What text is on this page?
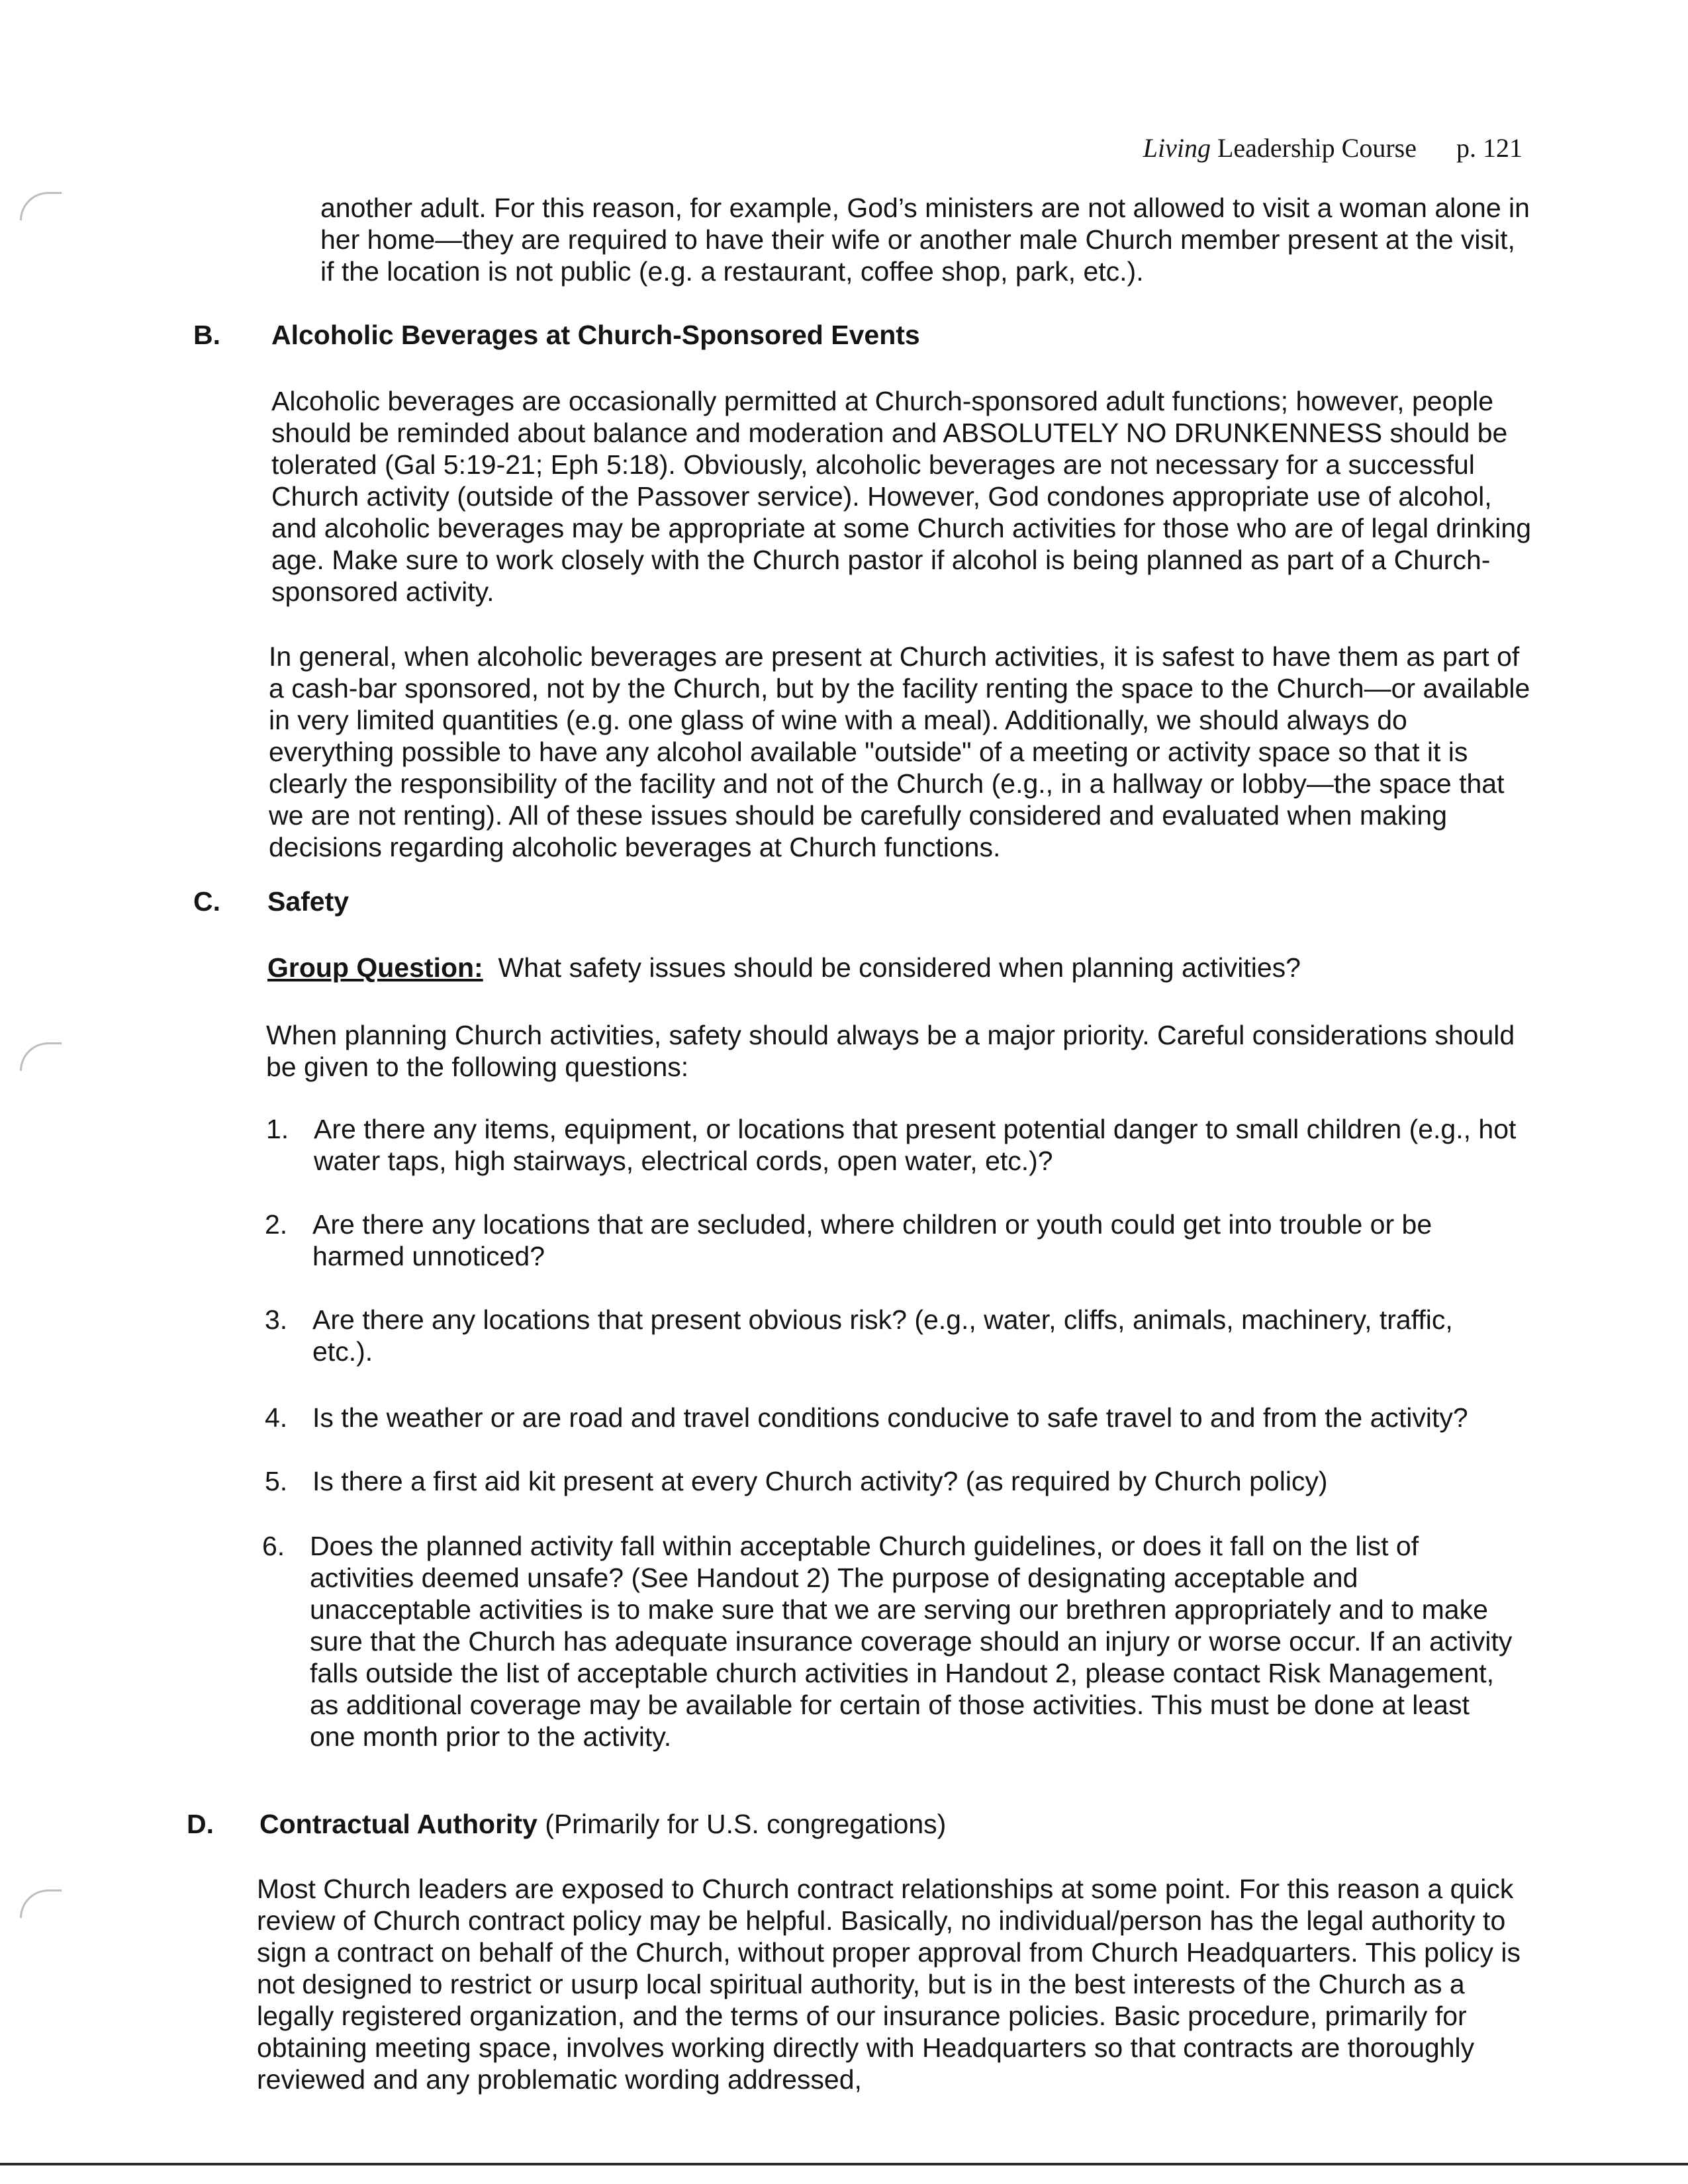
Living Leadership Course p. 121

another adult. For this reason, for example, God’s ministers are not allowed to visit a woman alone in her home—they are required to have their wife or another male Church member present at the visit, if the location is not public (e.g. a restaurant, coffee shop, park, etc.).

B. Alcoholic Beverages at Church-Sponsored Events

Alcoholic beverages are occasionally permitted at Church-sponsored adult functions; however, people should be reminded about balance and moderation and ABSOLUTELY NO DRUNKENNESS should be tolerated (Gal 5:19-21; Eph 5:18). Obviously, alcoholic beverages are not necessary for a successful Church activity (outside of the Passover service). However, God condones appropriate use of alcohol, and alcoholic beverages may be appropriate at some Church activities for those who are of legal drinking age. Make sure to work closely with the Church pastor if alcohol is being planned as part of a Church-sponsored activity.

In general, when alcoholic beverages are present at Church activities, it is safest to have them as part of a cash-bar sponsored, not by the Church, but by the facility renting the space to the Church—or available in very limited quantities (e.g. one glass of wine with a meal). Additionally, we should always do everything possible to have any alcohol available "outside" of a meeting or activity space so that it is clearly the responsibility of the facility and not of the Church (e.g., in a hallway or lobby—the space that we are not renting). All of these issues should be carefully considered and evaluated when making decisions regarding alcoholic beverages at Church functions.

C. Safety

Group Question: What safety issues should be considered when planning activities?

When planning Church activities, safety should always be a major priority. Careful considerations should be given to the following questions:

1. Are there any items, equipment, or locations that present potential danger to small children (e.g., hot water taps, high stairways, electrical cords, open water, etc.)?
2. Are there any locations that are secluded, where children or youth could get into trouble or be harmed unnoticed?
3. Are there any locations that present obvious risk? (e.g., water, cliffs, animals, machinery, traffic, etc.).
4. Is the weather or are road and travel conditions conducive to safe travel to and from the activity?
5. Is there a first aid kit present at every Church activity? (as required by Church policy)
6. Does the planned activity fall within acceptable Church guidelines, or does it fall on the list of activities deemed unsafe? (See Handout 2) The purpose of designating acceptable and unacceptable activities is to make sure that we are serving our brethren appropriately and to make sure that the Church has adequate insurance coverage should an injury or worse occur. If an activity falls outside the list of acceptable church activities in Handout 2, please contact Risk Management, as additional coverage may be available for certain of those activities. This must be done at least one month prior to the activity.
D. Contractual Authority (Primarily for U.S. congregations)

Most Church leaders are exposed to Church contract relationships at some point. For this reason a quick review of Church contract policy may be helpful. Basically, no individual/person has the legal authority to sign a contract on behalf of the Church, without proper approval from Church Headquarters. This policy is not designed to restrict or usurp local spiritual authority, but is in the best interests of the Church as a legally registered organization, and the terms of our insurance policies. Basic procedure, primarily for obtaining meeting space, involves working directly with Headquarters so that contracts are thoroughly reviewed and any problematic wording addressed,
